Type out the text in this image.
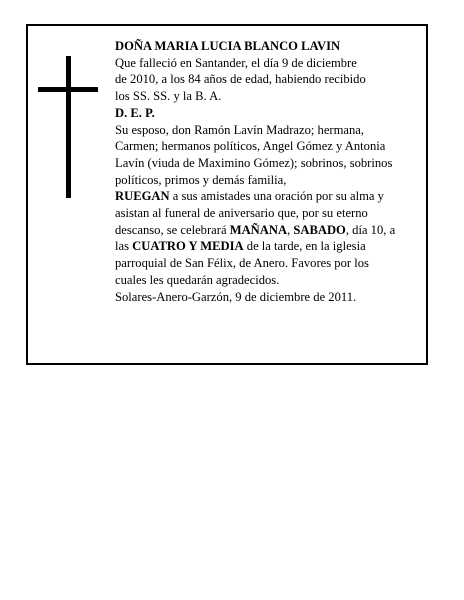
DOÑA MARIA LUCIA BLANCO LAVIN
Que falleció en Santander, el día 9 de diciembre
de 2010, a los 84 años de edad, habiendo recibido
los SS. SS. y la B. A.
D. E. P.
Su esposo, don Ramón Lavín Madrazo; hermana,
Carmen; hermanos políticos, Angel Gómez y Antonia
Lavín (viuda de Maximino Gómez); sobrinos, sobrinos
políticos, primos y demás familia,
RUEGAN a sus amistades una oración por su alma y
asistan al funeral de aniversario que, por su eterno
descanso, se celebrará MAÑANA, SABADO, día 10, a
las CUATRO Y MEDIA de la tarde, en la iglesia
parroquial de San Félix, de Anero. Favores por los
cuales les quedarán agradecidos.
Solares-Anero-Garzón, 9 de diciembre de 2011.
